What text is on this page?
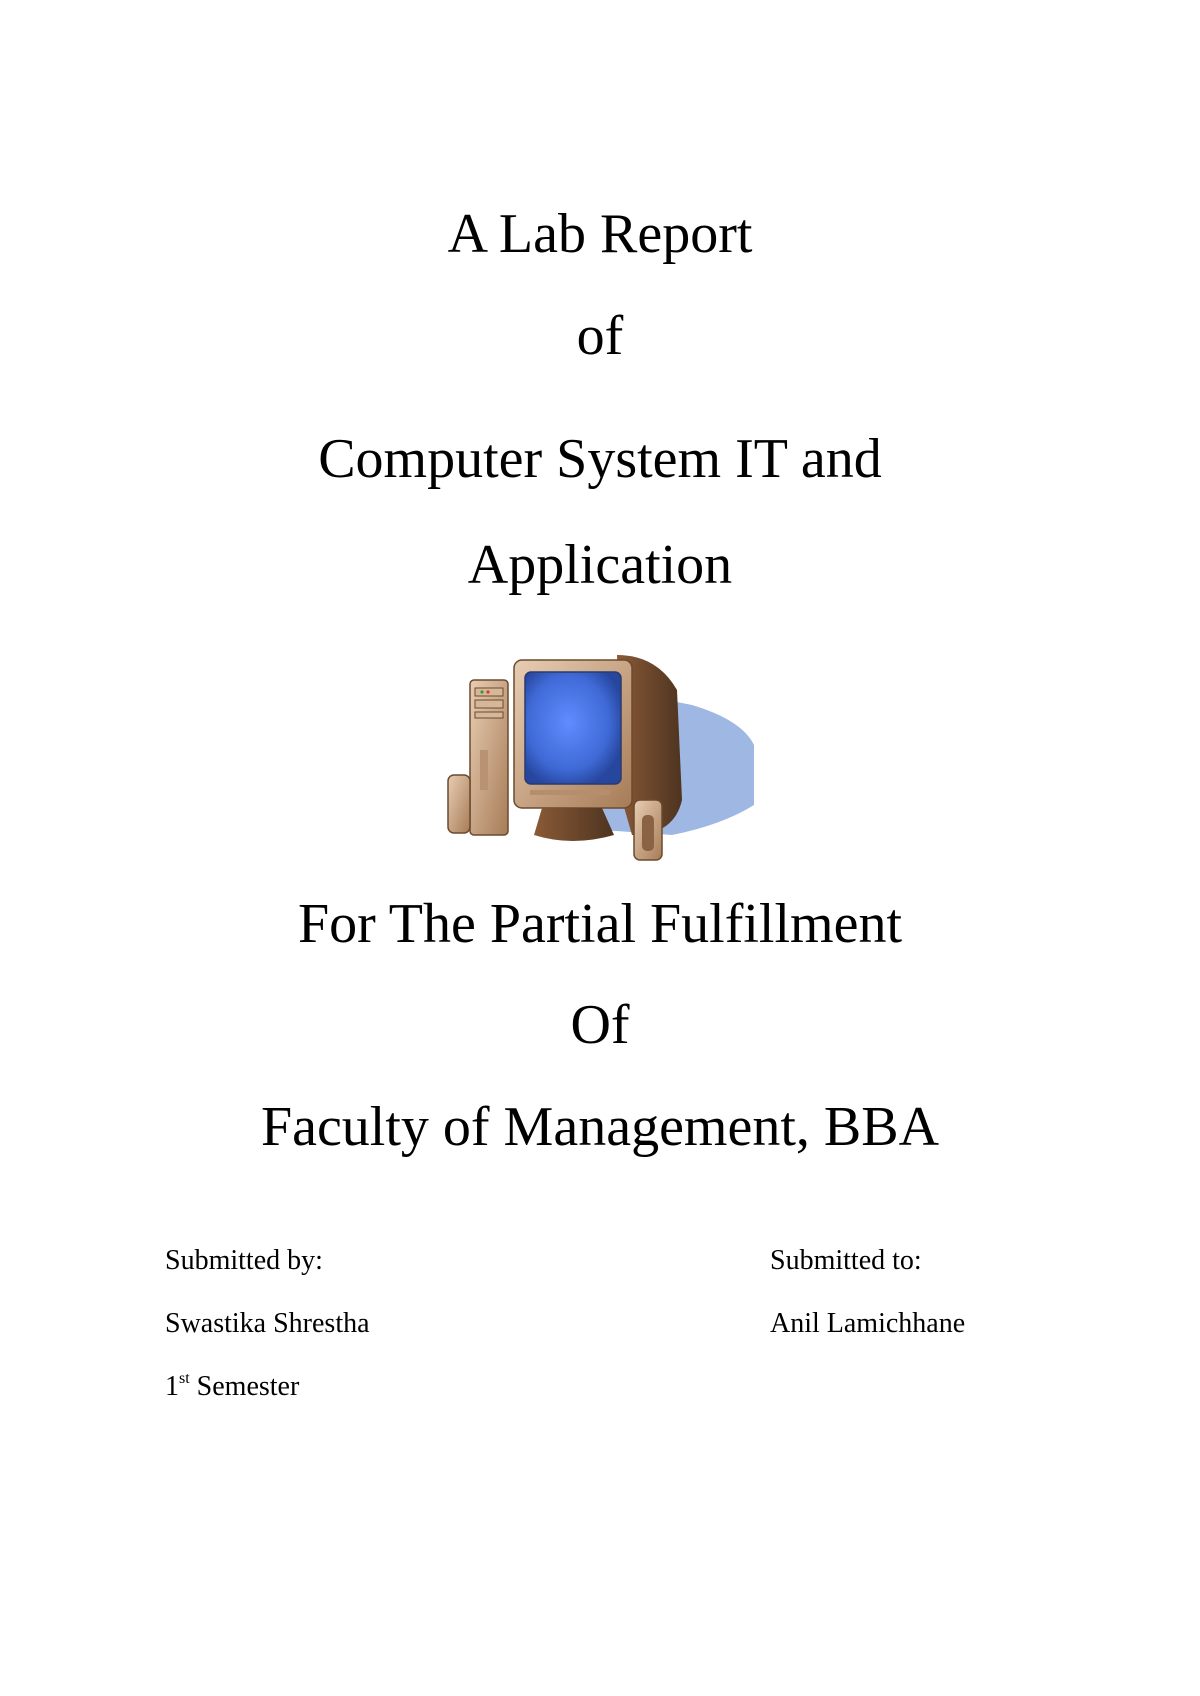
A Lab Report
of
Computer System IT and
Application
For The Partial Fulfillment
Of
Faculty of Management, BBA
Submitted by:
Swastika Shrestha
1st Semester
Submitted to:
Anil Lamichhane
